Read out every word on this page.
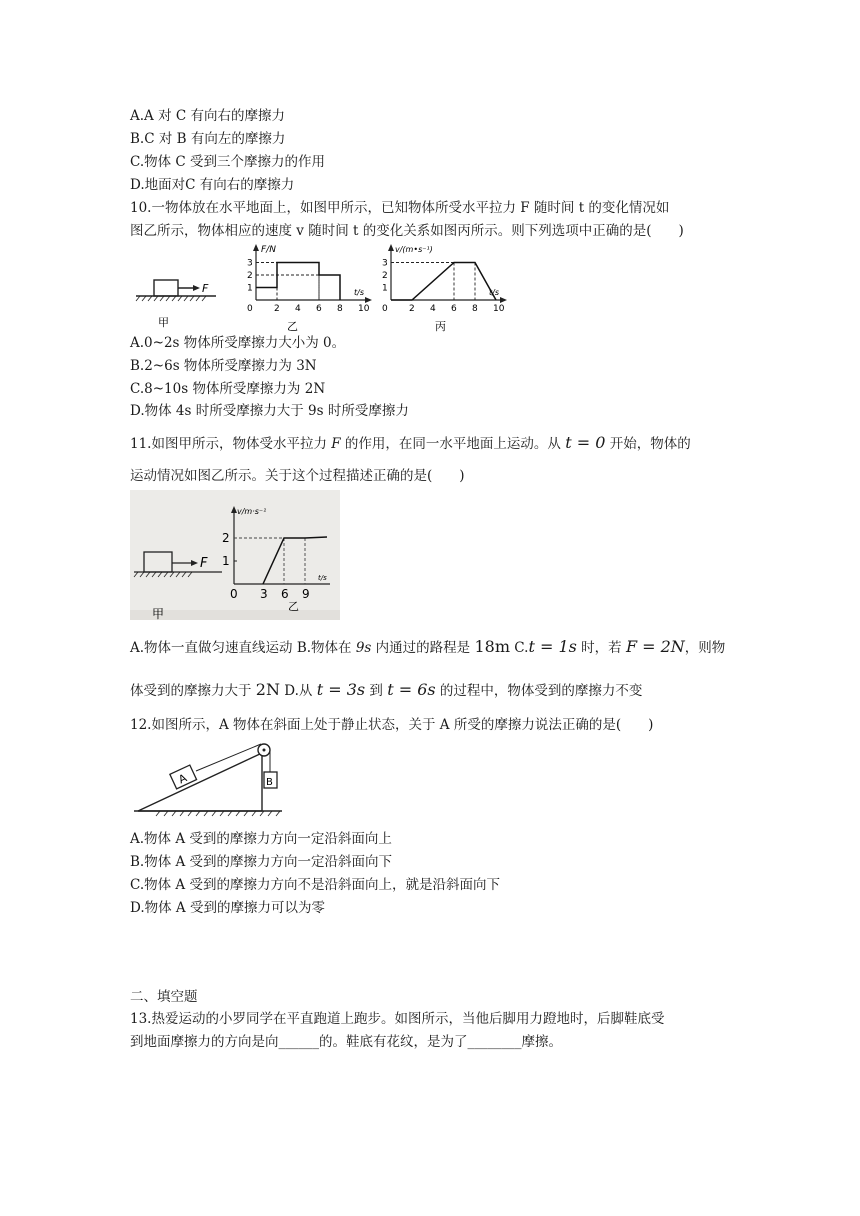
A.A 对 C 有向右的摩擦力
B.C 对 B 有向左的摩擦力
C.物体 C 受到三个摩擦力的作用
D.地面对C 有向右的摩擦力
10.一物体放在水平地面上，如图甲所示，已知物体所受水平拉力 F 随时间 t 的变化情况如
图乙所示，物体相应的速度 v 随时间 t 的变化关系如图丙所示。则下列选项中正确的是(　　)
F
甲
F/N
t/s
2 4 6 8 10
1
2
3
0
乙
v/(m•s⁻¹)
t/s
2 4 6 8 10
1
2
3
0
丙
A.0~2s 物体所受摩擦力大小为 0。
B.2~6s 物体所受摩擦力为 3N
C.8~10s 物体所受摩擦力为 2N
D.物体 4s 时所受摩擦力大于 9s 时所受摩擦力
11.如图甲所示，物体受水平拉力 F 的作用，在同一水平地面上运动。从 t = 0 开始，物体的
运动情况如图乙所示。关于这个过程描述正确的是(　　)
F
甲
v/m·s⁻¹
t/s
0 3 6 9
1
2
乙
A.物体一直做匀速直线运动 B.物体在 9s 内通过的路程是 18m C.t = 1s 时，若 F = 2N，则物
体受到的摩擦力大于 2N D.从 t = 3s 到 t = 6s 的过程中，物体受到的摩擦力不变
12.如图所示，A 物体在斜面上处于静止状态，关于 A 所受的摩擦力说法正确的是(　　)
A	B
A.物体 A 受到的摩擦力方向一定沿斜面向上
B.物体 A 受到的摩擦力方向一定沿斜面向下
C.物体 A 受到的摩擦力方向不是沿斜面向上，就是沿斜面向下
D.物体 A 受到的摩擦力可以为零
二、填空题
13.热爱运动的小罗同学在平直跑道上跑步。如图所示，当他后脚用力蹬地时，后脚鞋底受
到地面摩擦力的方向是向______的。鞋底有花纹，是为了________摩擦。
